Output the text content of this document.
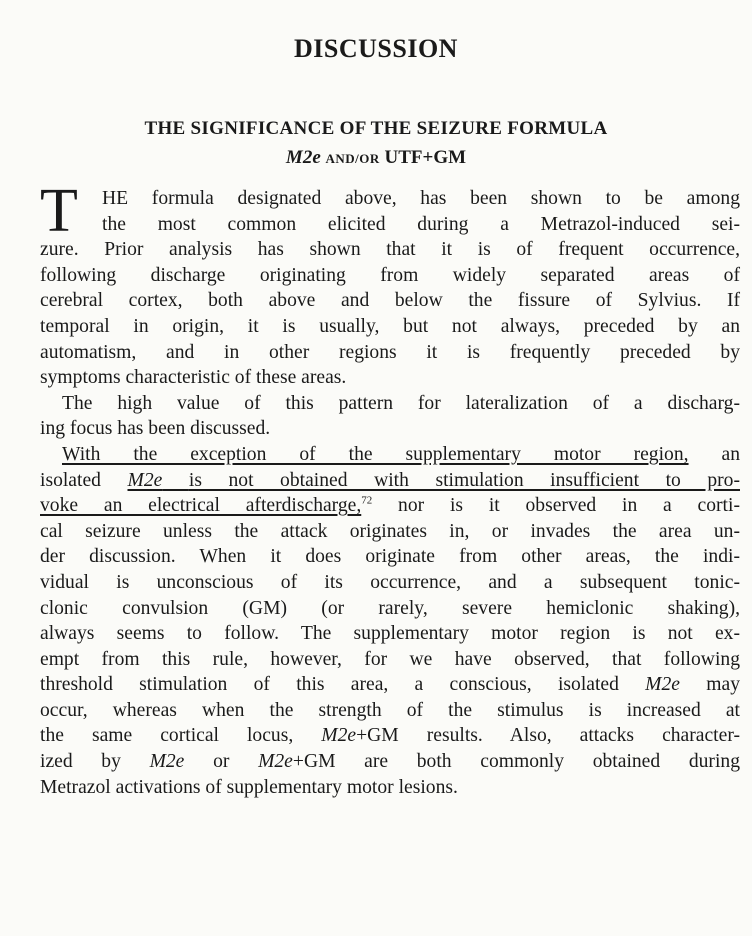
DISCUSSION
THE SIGNIFICANCE OF THE SEIZURE FORMULA
M2e AND/OR UTF+GM
T	HE formula designated above, has been shown to be among
the most common elicited during a Metrazol-induced sei-
zure. Prior analysis has shown that it is of frequent occurrence,
following discharge originating from widely separated areas of
cerebral cortex, both above and below the fissure of Sylvius. If
temporal in origin, it is usually, but not always, preceded by an
automatism, and in other regions it is frequently preceded by
symptoms characteristic of these areas.
The high value of this pattern for lateralization of a discharg-
ing focus has been discussed.
With the exception of the supplementary motor region, an
isolated M2e is not obtained with stimulation insufficient to pro-
voke an electrical afterdischarge,$^{72}$ nor is it observed in a corti-
cal seizure unless the attack originates in, or invades the area un-
der discussion. When it does originate from other areas, the indi-
vidual is unconscious of its occurrence, and a subsequent tonic-
clonic convulsion (GM) (or rarely, severe hemiclonic shaking),
always seems to follow. The supplementary motor region is not ex-
empt from this rule, however, for we have observed, that following
threshold stimulation of this area, a conscious, isolated M2e may
occur, whereas when the strength of the stimulus is increased at
the same cortical locus, M2e+GM results. Also, attacks character-
ized by M2e or M2e+GM are both commonly obtained during
Metrazol activations of supplementary motor lesions.
